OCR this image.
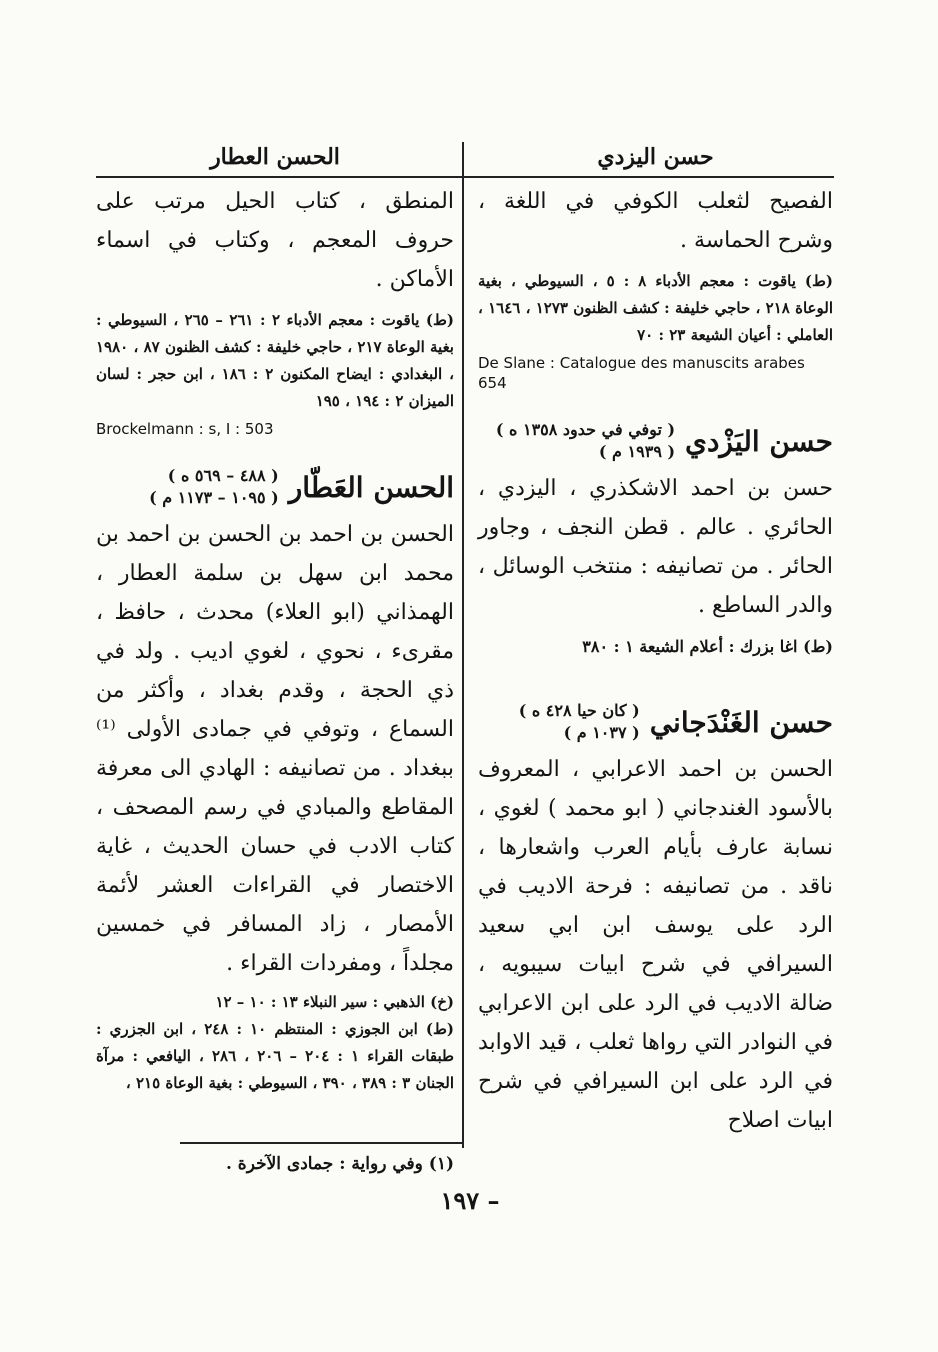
حسن اليزدي
الفصيح لثعلب الكوفي في اللغة ، وشرح الحماسة .
(ط) ياقوت : معجم الأدباء ٨ : ٥ ، السيوطي ، بغية الوعاة ٢١٨ ، حاجي خليفة : كشف الظنون ١٢٧٣ ، ١٦٤٦ ، العاملي : أعيان الشيعة ٢٣ : ٧٠
De Slane : Catalogue des manuscits arabes 654
حسن اليَزْدي
( توفي في حدود ١٣٥٨ ه )
( ١٩٣٩ م )
حسن بن احمد الاشكذري ، اليزدي ، الحائري . عالم . قطن النجف ، وجاور الحائر . من تصانيفه : منتخب الوسائل ، والدر الساطع .
(ط) اغا بزرك : أعلام الشيعة ١ : ٣٨٠
حسن الغَنْدَجاني
( كان حيا ٤٢٨ ه )
( ١٠٣٧ م )
الحسن بن احمد الاعرابي ، المعروف بالأسود الغندجاني ( ابو محمد ) لغوي ، نسابة عارف بأيام العرب واشعارها ، ناقد . من تصانيفه : فرحة الاديب في الرد على يوسف ابن ابي سعيد السيرافي في شرح ابيات سيبويه ، ضالة الاديب في الرد على ابن الاعرابي في النوادر التي رواها ثعلب ، قيد الاوابد في الرد على ابن السيرافي في شرح ابيات اصلاح
الحسن العطار
المنطق ، كتاب الحيل مرتب على حروف المعجم ، وكتاب في اسماء الأماكن .
(ط) ياقوت : معجم الأدباء ٢ : ٢٦١ – ٢٦٥ ، السيوطي : بغية الوعاة ٢١٧ ، حاجي خليفة : كشف الظنون ٨٧ ، ١٩٨٠ ، البغدادي : ايضاح المكنون ٢ : ١٨٦ ، ابن حجر : لسان الميزان ٢ : ١٩٤ ، ١٩٥
Brockelmann : s, I : 503
الحسن العَطّار
( ٤٨٨ – ٥٦٩ ه )
( ١٠٩٥ – ١١٧٣ م )
الحسن بن احمد بن الحسن بن احمد بن محمد ابن سهل بن سلمة العطار ، الهمذاني (ابو العلاء) محدث ، حافظ ، مقرىء ، نحوي ، لغوي اديب . ولد في ذي الحجة ، وقدم بغداد ، وأكثر من السماع ، وتوفي في جمادى الأولى ⁽¹⁾ ببغداد . من تصانيفه : الهادي الى معرفة المقاطع والمبادي في رسم المصحف ، كتاب الادب في حسان الحديث ، غاية الاختصار في القراءات العشر لأئمة الأمصار ، زاد المسافر في خمسين مجلداً ، ومفردات القراء .
(خ) الذهبي : سير النبلاء ١٣ : ١٠ – ١٢
(ط) ابن الجوزي : المنتظم ١٠ : ٢٤٨ ، ابن الجزري : طبقات القراء ١ : ٢٠٤ – ٢٠٦ ، ٢٨٦ ، اليافعي : مرآة الجنان ٣ : ٣٨٩ ، ٣٩٠ ، السيوطي : بغية الوعاة ٢١٥ ،
(١) وفي رواية : جمادى الآخرة .
– ١٩٧
